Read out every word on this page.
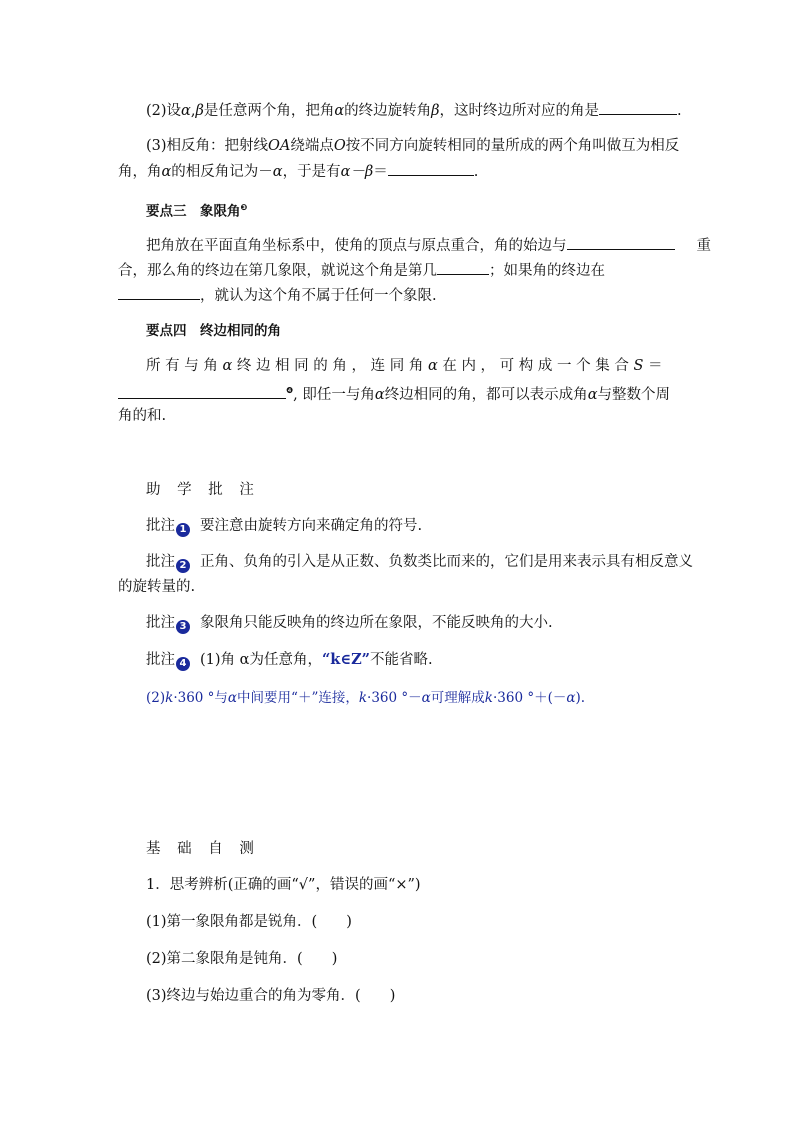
(2)设α,β是任意两个角，把角α的终边旋转角β，这时终边所对应的角是	.
(3)相反角：把射线OA绕端点O按不同方向旋转相同的量所成的两个角叫做互为相反
角，角α的相反角记为－α，于是有α－β＝	.
要点三　象限角$^❸$
把角放在平面直角坐标系中，使角的顶点与原点重合，角的始边与	重
合，那么角的终边在第几象限，就说这个角是第几	；如果角的终边在
，就认为这个角不属于任何一个象限.
要点四　终边相同的角
所 有 与 角 α 终 边 相 同 的 角 ， 连 同 角 α 在 内 ， 可 构 成 一 个 集 合 S ＝
$^❹$, 即任一与角α终边相同的角，都可以表示成角α与整数个周
角的和.
助 学 批 注
批注 1 要注意由旋转方向来确定角的符号.
批注 2 正角、负角的引入是从正数、负数类比而来的，它们是用来表示具有相反意义
的旋转量的.
批注 3 象限角只能反映角的终边所在象限，不能反映角的大小.
批注 4 (1)角 α为任意角，“k∈Z”不能省略.
(2)k·360 °与α中间要用“＋”连接，k·360 °－α可理解成k·360 °＋(－α).
基 础 自 测
1．思考辨析(正确的画“√”，错误的画“×”)
(1)第一象限角都是锐角．(　　)
(2)第二象限角是钝角．(　　)
(3)终边与始边重合的角为零角．(　　)
